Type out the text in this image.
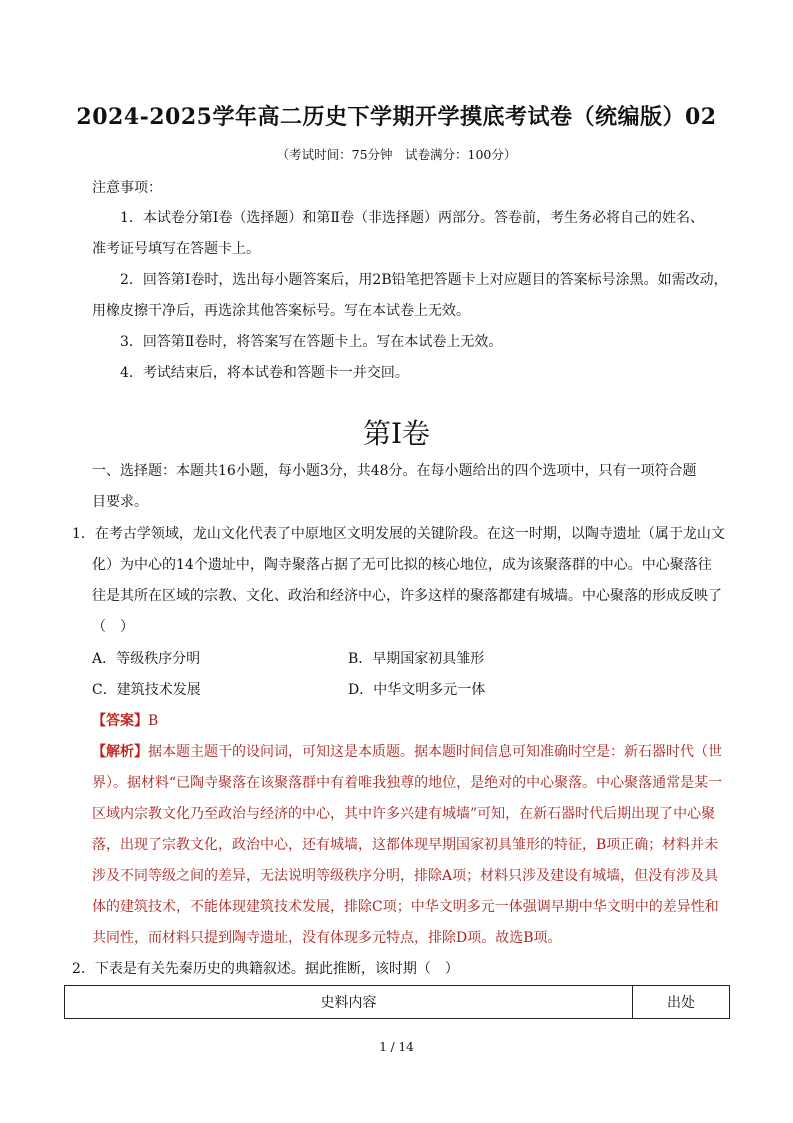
2024-2025学年高二历史下学期开学摸底考试卷（统编版）02
（考试时间：75分钟　试卷满分：100分）
注意事项：
1．本试卷分第Ⅰ卷（选择题）和第Ⅱ卷（非选择题）两部分。答卷前，考生务必将自己的姓名、
准考证号填写在答题卡上。
2．回答第Ⅰ卷时，选出每小题答案后，用2B铅笔把答题卡上对应题目的答案标号涂黑。如需改动，
用橡皮擦干净后，再选涂其他答案标号。写在本试卷上无效。
3．回答第Ⅱ卷时，将答案写在答题卡上。写在本试卷上无效。
4．考试结束后，将本试卷和答题卡一并交回。
第Ⅰ卷
一、选择题：本题共16小题，每小题3分，共48分。在每小题给出的四个选项中，只有一项符合题
目要求。
1．在考古学领域，龙山文化代表了中原地区文明发展的关键阶段。在这一时期，以陶寺遗址（属于龙山文
化）为中心的14个遗址中，陶寺聚落占据了无可比拟的核心地位，成为该聚落群的中心。中心聚落往
往是其所在区域的宗教、文化、政治和经济中心，许多这样的聚落都建有城墙。中心聚落的形成反映了
（　）
A．等级秩序分明	B．早期国家初具雏形
C．建筑技术发展	D．中华文明多元一体
【答案】B
【解析】据本题主题干的设问词，可知这是本质题。据本题时间信息可知准确时空是：新石器时代（世
界）。据材料“已陶寺聚落在该聚落群中有着唯我独尊的地位，是绝对的中心聚落。中心聚落通常是某一
区域内宗教文化乃至政治与经济的中心，其中许多兴建有城墙”可知，在新石器时代后期出现了中心聚
落，出现了宗教文化，政治中心，还有城墙，这都体现早期国家初具雏形的特征，B项正确；材料并未
涉及不同等级之间的差异，无法说明等级秩序分明，排除A项；材料只涉及建设有城墙，但没有涉及具
体的建筑技术，不能体现建筑技术发展，排除C项；中华文明多元一体强调早期中华文明中的差异性和
共同性，而材料只提到陶寺遗址，没有体现多元特点，排除D项。故选B项。
2．下表是有关先秦历史的典籍叙述。据此推断，该时期（　）
史料内容	出处
1 / 14
